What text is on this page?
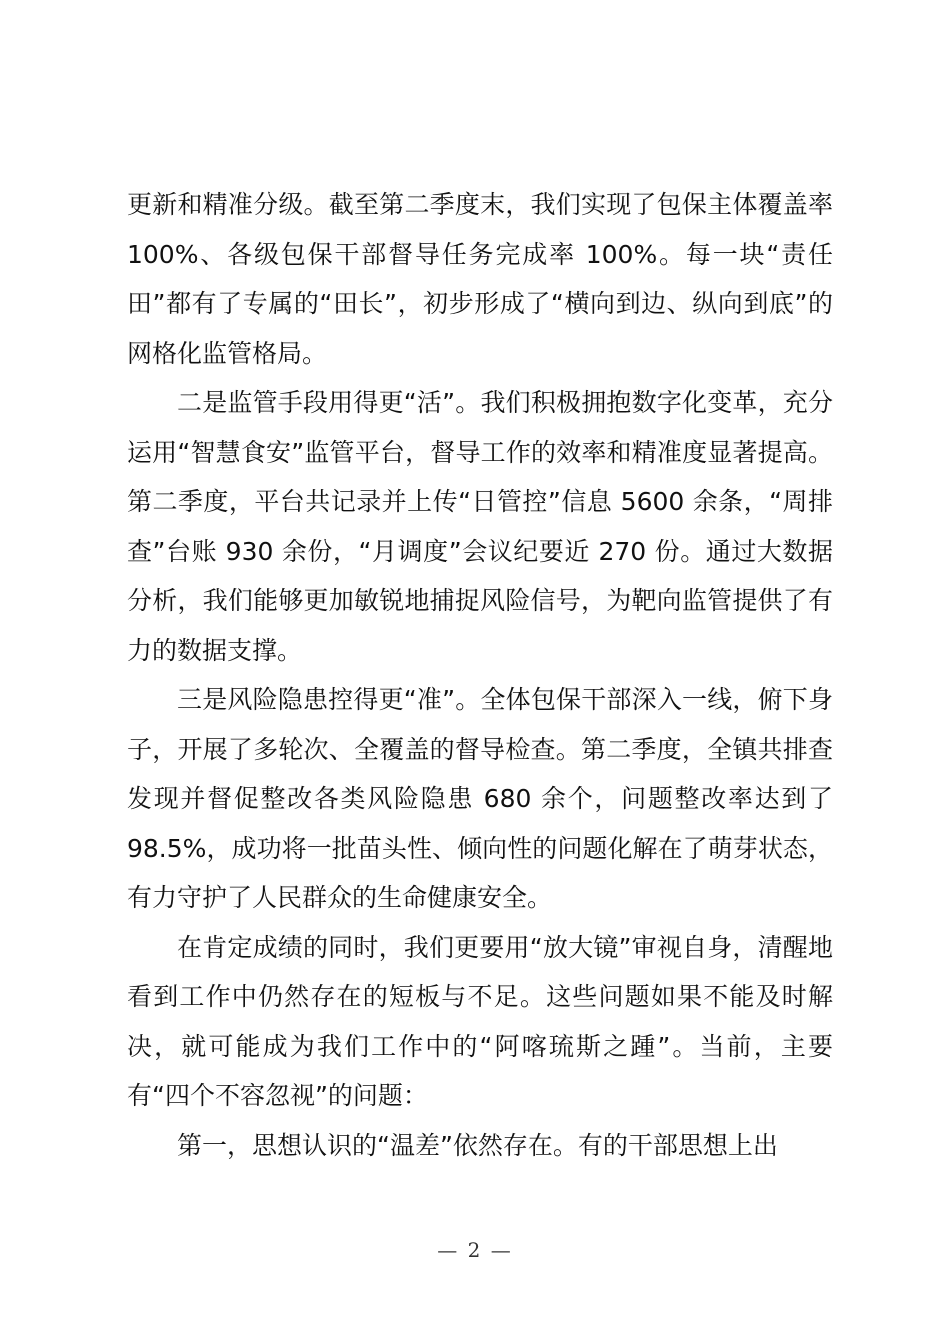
更新和精准分级。截至第二季度末，我们实现了包保主体覆盖率 100%、各级包保干部督导任务完成率 100%。每一块“责任田”都有了专属的“田长”，初步形成了“横向到边、纵向到底”的网格化监管格局。

二是监管手段用得更“活”。我们积极拥抱数字化变革，充分运用“智慧食安”监管平台，督导工作的效率和精准度显著提高。第二季度，平台共记录并上传“日管控”信息 5600 余条，“周排查”台账 930 余份，“月调度”会议纪要近 270 份。通过大数据分析，我们能够更加敏锐地捕捉风险信号，为靶向监管提供了有力的数据支撑。

三是风险隐患控得更“准”。全体包保干部深入一线，俯下身子，开展了多轮次、全覆盖的督导检查。第二季度，全镇共排查发现并督促整改各类风险隐患 680 余个，问题整改率达到了 98.5%，成功将一批苗头性、倾向性的问题化解在了萌芽状态，有力守护了人民群众的生命健康安全。

在肯定成绩的同时，我们更要用“放大镜”审视自身，清醒地看到工作中仍然存在的短板与不足。这些问题如果不能及时解决，就可能成为我们工作中的“阿喀琉斯之踵”。当前，主要有“四个不容忽视”的问题：

第一，思想认识的“温差”依然存在。有的干部思想上出

— 2 —
